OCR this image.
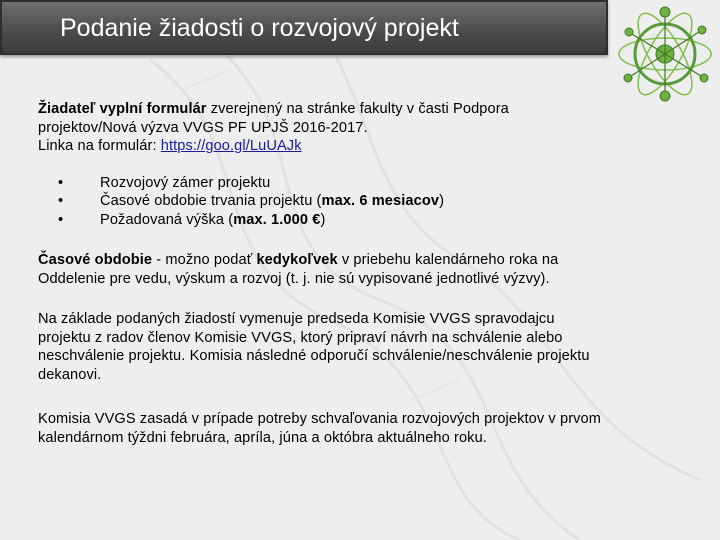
Podanie žiadosti o rozvojový projekt

Žiadateľ vyplní formulár zverejnený na stránke fakulty v časti Podpora
projektov/Nová výzva VVGS PF UPJŠ 2016-2017.
Linka na formulár: https://goo.gl/LuUAJk

•	Rozvojový zámer projektu
•	Časové obdobie trvania projektu (max. 6 mesiacov)
•	Požadovaná výška (max. 1.000 €)

Časové obdobie - možno podať kedykoľvek v priebehu kalendárneho roka na
Oddelenie pre vedu, výskum a rozvoj (t. j. nie sú vypisované jednotlivé výzvy).

Na základe podaných žiadostí vymenuje predseda Komisie VVGS spravodajcu
projektu z radov členov Komisie VVGS, ktorý pripraví návrh na schválenie alebo
neschválenie projektu. Komisia následné odporučí schválenie/neschválenie projektu
dekanovi.

Komisia VVGS zasadá v prípade potreby schvaľovania rozvojových projektov v prvom
kalendárnom týždni februára, apríla, júna a októbra aktuálneho roku.
